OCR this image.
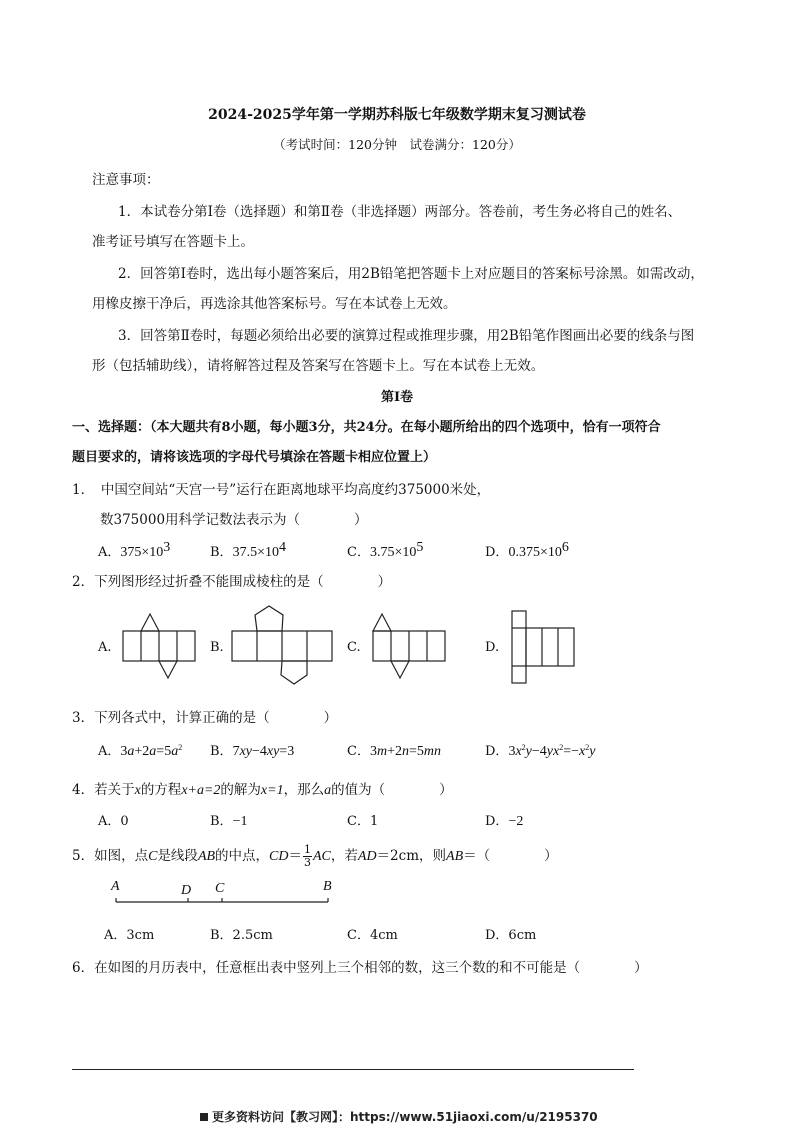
2024-2025学年第一学期苏科版七年级数学期末复习测试卷
（考试时间：120分钟　试卷满分：120分）
注意事项：
1．本试卷分第Ⅰ卷（选择题）和第Ⅱ卷（非选择题）两部分。答卷前，考生务必将自己的姓名、
准考证号填写在答题卡上。
2．回答第Ⅰ卷时，选出每小题答案后，用2B铅笔把答题卡上对应题目的答案标号涂黑。如需改动，
用橡皮擦干净后，再选涂其他答案标号。写在本试卷上无效。
3．回答第Ⅱ卷时，每题必须给出必要的演算过程或推理步骤，用2B铅笔作图画出必要的线条与图
形（包括辅助线），请将解答过程及答案写在答题卡上。写在本试卷上无效。
第Ⅰ卷
一、选择题：（本大题共有8小题，每小题3分，共24分。在每小题所给出的四个选项中，恰有一项符合
题目要求的，请将该选项的字母代号填涂在答题卡相应位置上）
1．　中国空间站“天宫一号”运行在距离地球平均高度约375000米处，
数375000用科学记数法表示为（　　　　）
A．$375\times 10^3$	B．$37.5\times 10^4$	C．$3.75\times 10^5$	D．$0.375\times 10^6$
2．下列图形经过折叠不能围成棱柱的是（　　　　）
A.	B.	C.	D.
3．下列各式中，计算正确的是（　　　　）
A．$3a+2a=5a^2$ B．7xy−4xy=3	C．3m+2n=5mn	D．$3x^2y-4yx^2=-x^2y$
4．若关于x的方程x+a=2的解为x=1，那么a的值为（　　　　）
A．0	B．−1	C．1	D．−2
5．如图，点C是线段AB的中点，$CD= \frac{1}{3}$ AC，若AD＝2cm，则AB＝（　　　　）
A	D C	B
A．3cm	B．2.5cm	C．4cm	D．6cm
6．在如图的月历表中，任意框出表中竖列上三个相邻的数，这三个数的和不可能是（　　　　）
更多资料访问【教习网】：https://www.51jiaoxi.com/u/2195370
